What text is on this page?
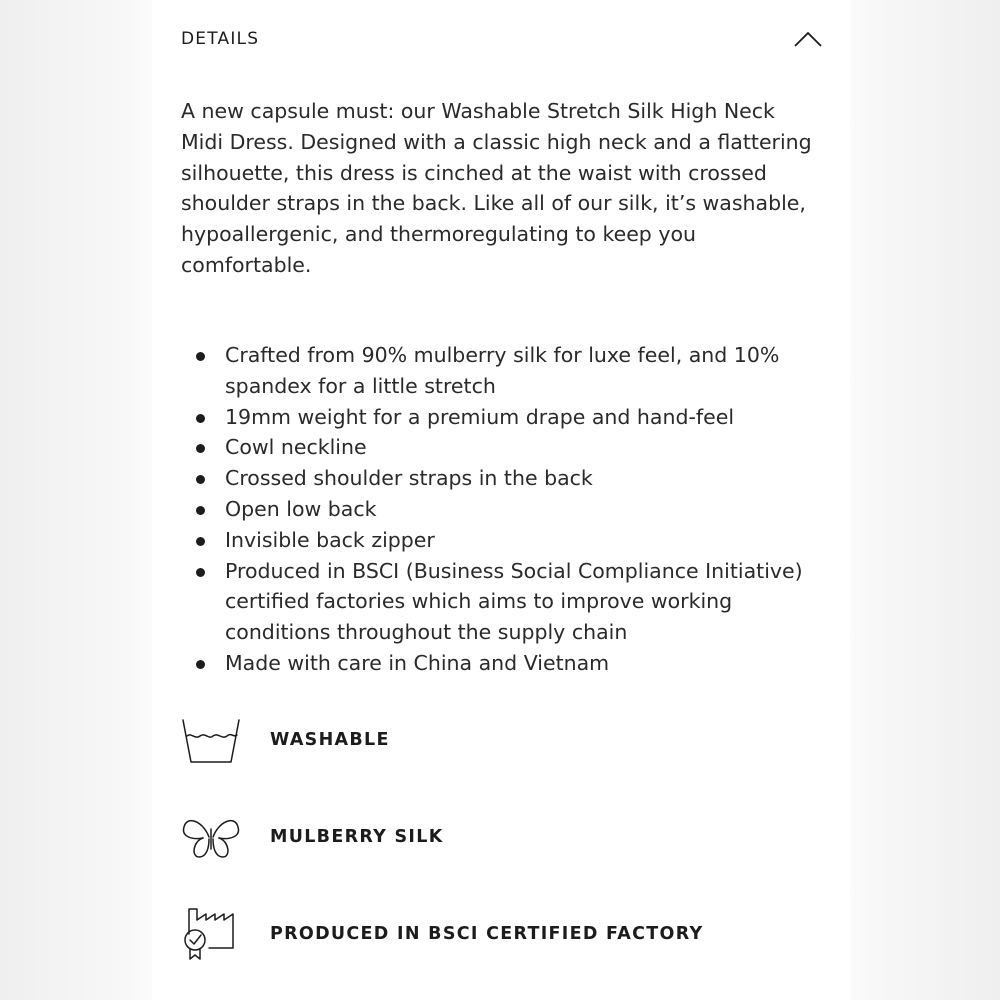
DETAILS

A new capsule must: our Washable Stretch Silk High Neck Midi Dress. Designed with a classic high neck and a flattering silhouette, this dress is cinched at the waist with crossed shoulder straps in the back. Like all of our silk, it’s washable, hypoallergenic, and thermoregulating to keep you comfortable.

Crafted from 90% mulberry silk for luxe feel, and 10% spandex for a little stretch
19mm weight for a premium drape and hand-feel
Cowl neckline
Crossed shoulder straps in the back
Open low back
Invisible back zipper
Produced in BSCI (Business Social Compliance Initiative) certified factories which aims to improve working conditions throughout the supply chain
Made with care in China and Vietnam
WASHABLE
MULBERRY SILK
PRODUCED IN BSCI CERTIFIED FACTORY
